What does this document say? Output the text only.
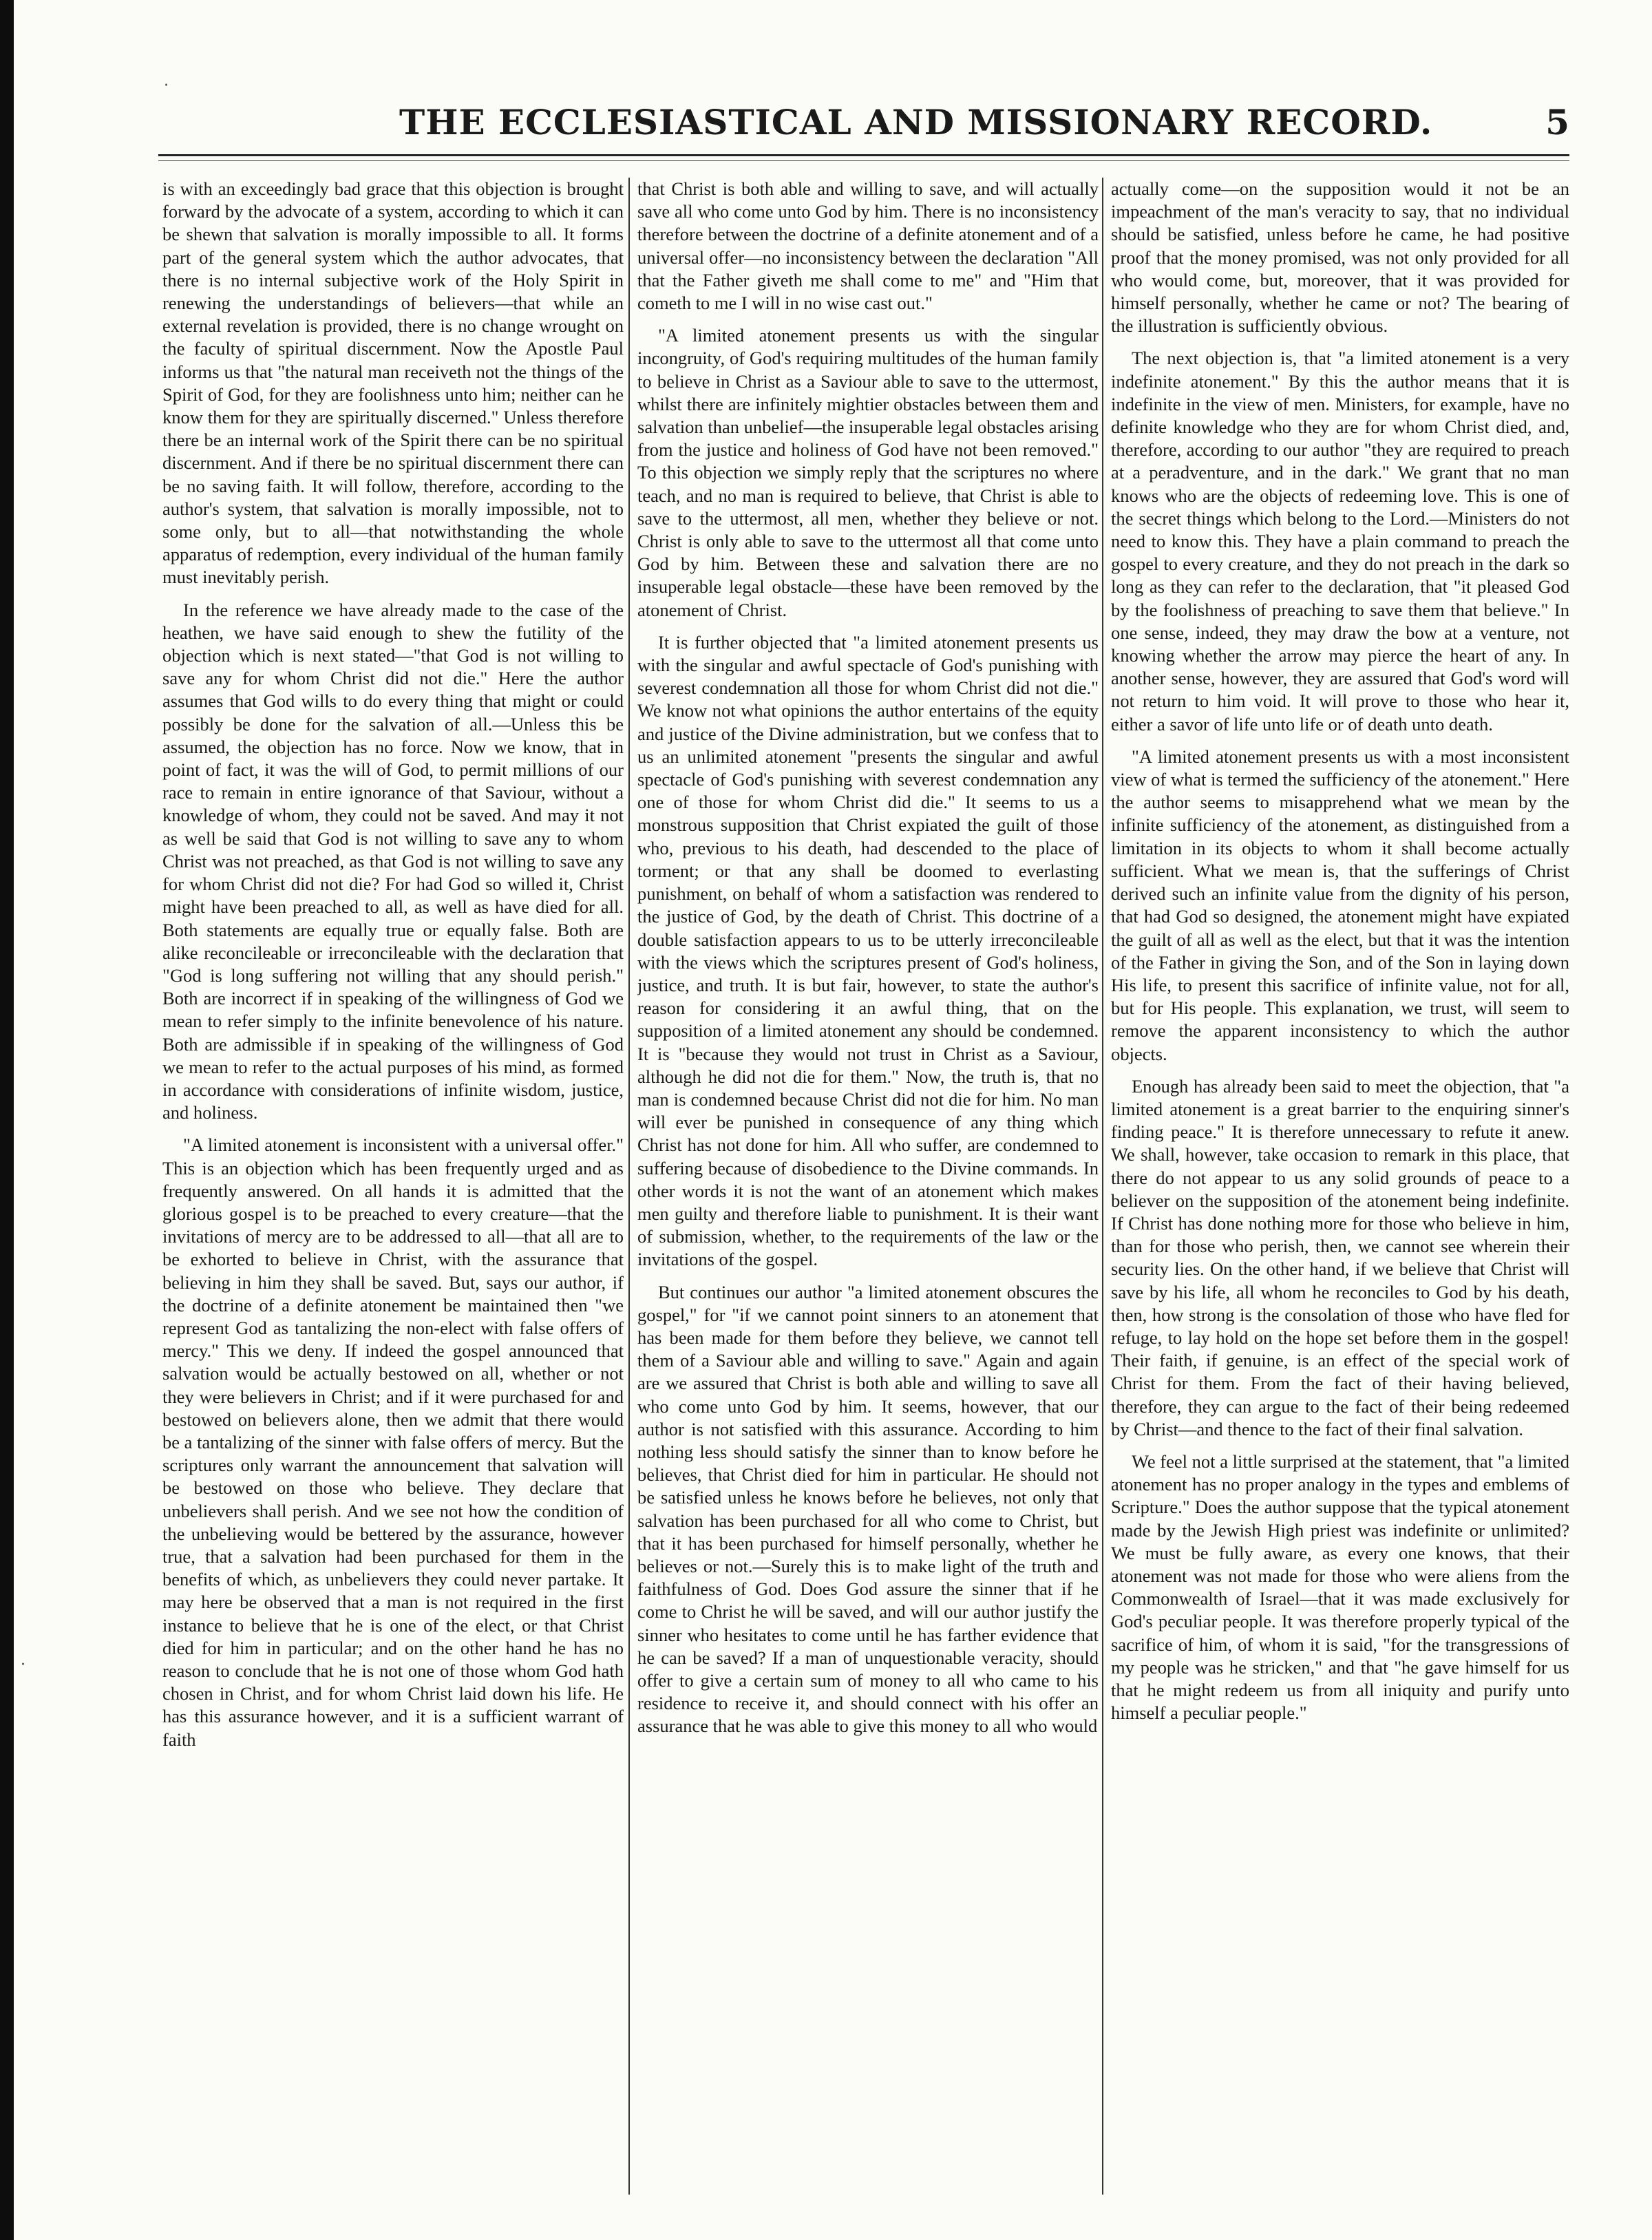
·
·
THE ECCLESIASTICAL AND MISSIONARY RECORD.	5

is with an exceedingly bad grace that this objection is brought forward by the advocate of a system, according to which it can be shewn that salvation is morally impossible to all. It forms part of the general system which the author advocates, that there is no internal subjective work of the Holy Spirit in renewing the understandings of believers—that while an external revelation is provided, there is no change wrought on the faculty of spiritual discernment. Now the Apostle Paul informs us that "the natural man receiveth not the things of the Spirit of God, for they are foolishness unto him; neither can he know them for they are spiritually discerned." Unless therefore there be an internal work of the Spirit there can be no spiritual discernment. And if there be no spiritual discernment there can be no saving faith. It will follow, therefore, according to the author's system, that salvation is morally impossible, not to some only, but to all—that notwithstanding the whole apparatus of redemption, every individual of the human family must inevitably perish.

In the reference we have already made to the case of the heathen, we have said enough to shew the futility of the objection which is next stated—"that God is not willing to save any for whom Christ did not die." Here the author assumes that God wills to do every thing that might or could possibly be done for the salvation of all.—Unless this be assumed, the objection has no force. Now we know, that in point of fact, it was the will of God, to permit millions of our race to remain in entire ignorance of that Saviour, without a knowledge of whom, they could not be saved. And may it not as well be said that God is not willing to save any to whom Christ was not preached, as that God is not willing to save any for whom Christ did not die? For had God so willed it, Christ might have been preached to all, as well as have died for all. Both statements are equally true or equally false. Both are alike reconcileable or irreconcileable with the declaration that "God is long suffering not willing that any should perish." Both are incorrect if in speaking of the willingness of God we mean to refer simply to the infinite benevolence of his nature. Both are admissible if in speaking of the willingness of God we mean to refer to the actual purposes of his mind, as formed in accordance with considerations of infinite wisdom, justice, and holiness.

"A limited atonement is inconsistent with a universal offer." This is an objection which has been frequently urged and as frequently answered. On all hands it is admitted that the glorious gospel is to be preached to every creature—that the invitations of mercy are to be addressed to all—that all are to be exhorted to believe in Christ, with the assurance that believing in him they shall be saved. But, says our author, if the doctrine of a definite atonement be maintained then "we represent God as tantalizing the non-elect with false offers of mercy." This we deny. If indeed the gospel announced that salvation would be actually bestowed on all, whether or not they were believers in Christ; and if it were purchased for and bestowed on believers alone, then we admit that there would be a tantalizing of the sinner with false offers of mercy. But the scriptures only warrant the announcement that salvation will be bestowed on those who believe. They declare that unbelievers shall perish. And we see not how the condition of the unbelieving would be bettered by the assurance, however true, that a salvation had been purchased for them in the benefits of which, as unbelievers they could never partake. It may here be observed that a man is not required in the first instance to believe that he is one of the elect, or that Christ died for him in particular; and on the other hand he has no reason to conclude that he is not one of those whom God hath chosen in Christ, and for whom Christ laid down his life. He has this assurance however, and it is a sufficient warrant of faith

that Christ is both able and willing to save, and will actually save all who come unto God by him. There is no inconsistency therefore between the doctrine of a definite atonement and of a universal offer—no inconsistency between the declaration "All that the Father giveth me shall come to me" and "Him that cometh to me I will in no wise cast out."

"A limited atonement presents us with the singular incongruity, of God's requiring multitudes of the human family to believe in Christ as a Saviour able to save to the uttermost, whilst there are infinitely mightier obstacles between them and salvation than unbelief—the insuperable legal obstacles arising from the justice and holiness of God have not been removed." To this objection we simply reply that the scriptures no where teach, and no man is required to believe, that Christ is able to save to the uttermost, all men, whether they believe or not. Christ is only able to save to the uttermost all that come unto God by him. Between these and salvation there are no insuperable legal obstacle—these have been removed by the atonement of Christ.

It is further objected that "a limited atonement presents us with the singular and awful spectacle of God's punishing with severest condemnation all those for whom Christ did not die." We know not what opinions the author entertains of the equity and justice of the Divine administration, but we confess that to us an unlimited atonement "presents the singular and awful spectacle of God's punishing with severest condemnation any one of those for whom Christ did die." It seems to us a monstrous supposition that Christ expiated the guilt of those who, previous to his death, had descended to the place of torment; or that any shall be doomed to everlasting punishment, on behalf of whom a satisfaction was rendered to the justice of God, by the death of Christ. This doctrine of a double satisfaction appears to us to be utterly irreconcileable with the views which the scriptures present of God's holiness, justice, and truth. It is but fair, however, to state the author's reason for considering it an awful thing, that on the supposition of a limited atonement any should be condemned. It is "because they would not trust in Christ as a Saviour, although he did not die for them." Now, the truth is, that no man is condemned because Christ did not die for him. No man will ever be punished in consequence of any thing which Christ has not done for him. All who suffer, are condemned to suffering because of disobedience to the Divine commands. In other words it is not the want of an atonement which makes men guilty and therefore liable to punishment. It is their want of submission, whether, to the requirements of the law or the invitations of the gospel.

But continues our author "a limited atonement obscures the gospel," for "if we cannot point sinners to an atonement that has been made for them before they believe, we cannot tell them of a Saviour able and willing to save." Again and again are we assured that Christ is both able and willing to save all who come unto God by him. It seems, however, that our author is not satisfied with this assurance. According to him nothing less should satisfy the sinner than to know before he believes, that Christ died for him in particular. He should not be satisfied unless he knows before he believes, not only that salvation has been purchased for all who come to Christ, but that it has been purchased for himself personally, whether he believes or not.—Surely this is to make light of the truth and faithfulness of God. Does God assure the sinner that if he come to Christ he will be saved, and will our author justify the sinner who hesitates to come until he has farther evidence that he can be saved? If a man of unquestionable veracity, should offer to give a certain sum of money to all who came to his residence to receive it, and should connect with his offer an assurance that he was able to give this money to all who would

actually come—on the supposition would it not be an impeachment of the man's veracity to say, that no individual should be satisfied, unless before he came, he had positive proof that the money promised, was not only provided for all who would come, but, moreover, that it was provided for himself personally, whether he came or not? The bearing of the illustration is sufficiently obvious.

The next objection is, that "a limited atonement is a very indefinite atonement." By this the author means that it is indefinite in the view of men. Ministers, for example, have no definite knowledge who they are for whom Christ died, and, therefore, according to our author "they are required to preach at a peradventure, and in the dark." We grant that no man knows who are the objects of redeeming love. This is one of the secret things which belong to the Lord.—Ministers do not need to know this. They have a plain command to preach the gospel to every creature, and they do not preach in the dark so long as they can refer to the declaration, that "it pleased God by the foolishness of preaching to save them that believe." In one sense, indeed, they may draw the bow at a venture, not knowing whether the arrow may pierce the heart of any. In another sense, however, they are assured that God's word will not return to him void. It will prove to those who hear it, either a savor of life unto life or of death unto death.

"A limited atonement presents us with a most inconsistent view of what is termed the sufficiency of the atonement." Here the author seems to misapprehend what we mean by the infinite sufficiency of the atonement, as distinguished from a limitation in its objects to whom it shall become actually sufficient. What we mean is, that the sufferings of Christ derived such an infinite value from the dignity of his person, that had God so designed, the atonement might have expiated the guilt of all as well as the elect, but that it was the intention of the Father in giving the Son, and of the Son in laying down His life, to present this sacrifice of infinite value, not for all, but for His people. This explanation, we trust, will seem to remove the apparent inconsistency to which the author objects.

Enough has already been said to meet the objection, that "a limited atonement is a great barrier to the enquiring sinner's finding peace." It is therefore unnecessary to refute it anew. We shall, however, take occasion to remark in this place, that there do not appear to us any solid grounds of peace to a believer on the supposition of the atonement being indefinite. If Christ has done nothing more for those who believe in him, than for those who perish, then, we cannot see wherein their security lies. On the other hand, if we believe that Christ will save by his life, all whom he reconciles to God by his death, then, how strong is the consolation of those who have fled for refuge, to lay hold on the hope set before them in the gospel! Their faith, if genuine, is an effect of the special work of Christ for them. From the fact of their having believed, therefore, they can argue to the fact of their being redeemed by Christ—and thence to the fact of their final salvation.

We feel not a little surprised at the statement, that "a limited atonement has no proper analogy in the types and emblems of Scripture." Does the author suppose that the typical atonement made by the Jewish High priest was indefinite or unlimited? We must be fully aware, as every one knows, that their atonement was not made for those who were aliens from the Commonwealth of Israel—that it was made exclusively for God's peculiar people. It was therefore properly typical of the sacrifice of him, of whom it is said, "for the transgressions of my people was he stricken," and that "he gave himself for us that he might redeem us from all iniquity and purify unto himself a peculiar people."
